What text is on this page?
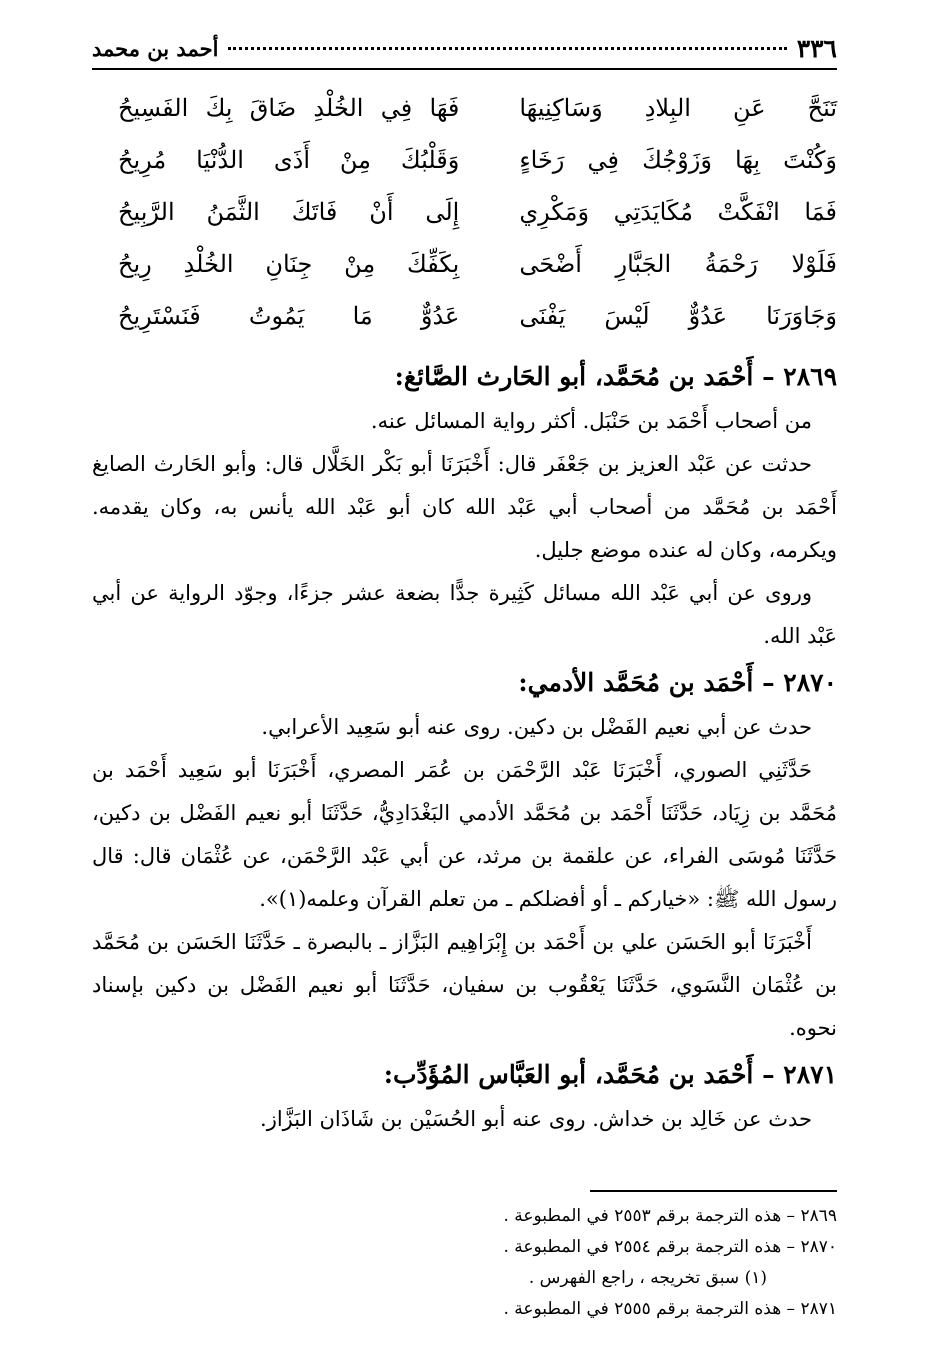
٣٣٦
أحمد بن محمد
تَنَحَّ عَنِ البِلادِ وَسَاكِنِيهَا
فَهَا فِي الخُلْدِ ضَاقَ بِكَ الفَسِيحُ
وَكُنْتَ بِهَا وَزَوْجُكَ فِي رَخَاءٍ
وَقَلْبُكَ مِنْ أَذَى الدُّنْيَا مُرِيحُ
فَمَا انْفَكَّتْ مُكَايَدَتِي وَمَكْرِي
إِلَى أَنْ فَاتَكَ الثَّمَنُ الرَّبِيحُ
فَلَوْلا رَحْمَةُ الجَبَّارِ أَضْحَى
بِكَفِّكَ مِنْ جِنَانِ الخُلْدِ رِيحُ
وَجَاوَرَنَا عَدُوٌّ لَيْسَ يَفْنَى
عَدُوٌّ مَا يَمُوتُ فَنَسْتَرِيحُ
٢٨٦٩ – أَحْمَد بن مُحَمَّد، أبو الحَارث الصَّائغ:

من أصحاب أَحْمَد بن حَنْبَل. أكثر رواية المسائل عنه.

حدثت عن عَبْد العزيز بن جَعْفَر قال: أَخْبَرَنَا أبو بَكْر الخَلَّال قال: وأبو الحَارث الصايغ أَحْمَد بن مُحَمَّد من أصحاب أبي عَبْد الله كان أبو عَبْد الله يأنس به، وكان يقدمه. ويكرمه، وكان له عنده موضع جليل.

وروى عن أبي عَبْد الله مسائل كَثِيرة جدًّا بضعة عشر جزءًا، وجوّد الرواية عن أبي عَبْد الله.

٢٨٧٠ – أَحْمَد بن مُحَمَّد الأدمي:

حدث عن أبي نعيم الفَضْل بن دكين. روى عنه أبو سَعِيد الأعرابي.

حَدَّثَنِي الصوري، أَخْبَرَنَا عَبْد الرَّحْمَن بن عُمَر المصري، أَخْبَرَنَا أبو سَعِيد أَحْمَد بن مُحَمَّد بن زِيَاد، حَدَّثَنَا أَحْمَد بن مُحَمَّد الأدمي البَغْدَادِيُّ، حَدَّثَنَا أبو نعيم الفَضْل بن دكين، حَدَّثَنَا مُوسَى الفراء، عن علقمة بن مرثد، عن أبي عَبْد الرَّحْمَن، عن عُثْمَان قال: قال رسول الله ﷺ: «خياركم ـ أو أفضلكم ـ من تعلم القرآن وعلمه(١)».

أَخْبَرَنَا أبو الحَسَن علي بن أَحْمَد بن إِبْرَاهِيم البَزَّاز ـ بالبصرة ـ حَدَّثَنَا الحَسَن بن مُحَمَّد بن عُثْمَان النَّسَوي، حَدَّثَنَا يَعْقُوب بن سفيان، حَدَّثَنَا أبو نعيم الفَضْل بن دكين بإسناد نحوه.

٢٨٧١ – أَحْمَد بن مُحَمَّد، أبو العَبَّاس المُؤَدِّب:

حدث عن خَالِد بن خداش. روى عنه أبو الحُسَيْن بن شَاذَان البَزَّاز.

٢٨٦٩ – هذه الترجمة برقم ٢٥٥٣ في المطبوعة .
٢٨٧٠ – هذه الترجمة برقم ٢٥٥٤ في المطبوعة .
(١) سبق تخريجه ، راجع الفهرس .
٢٨٧١ – هذه الترجمة برقم ٢٥٥٥ في المطبوعة .
